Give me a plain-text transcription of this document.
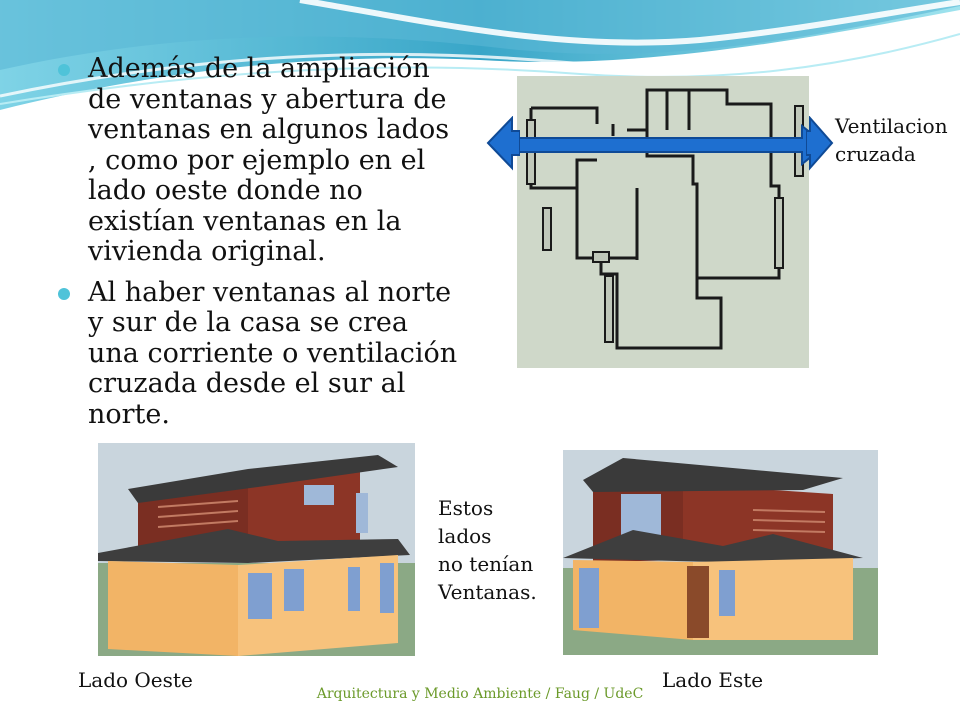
Además de la ampliación de ventanas y abertura de ventanas en algunos lados , como por ejemplo en el lado oeste donde no existían ventanas en la vivienda original.
Al haber ventanas al norte y sur de la casa se crea una corriente o ventilación cruzada desde el sur al norte.
Ventilacion
cruzada
Estos
lados
no tenían
Ventanas.
Lado Oeste	Lado Este
Arquitectura y Medio Ambiente / Faug / UdeC
